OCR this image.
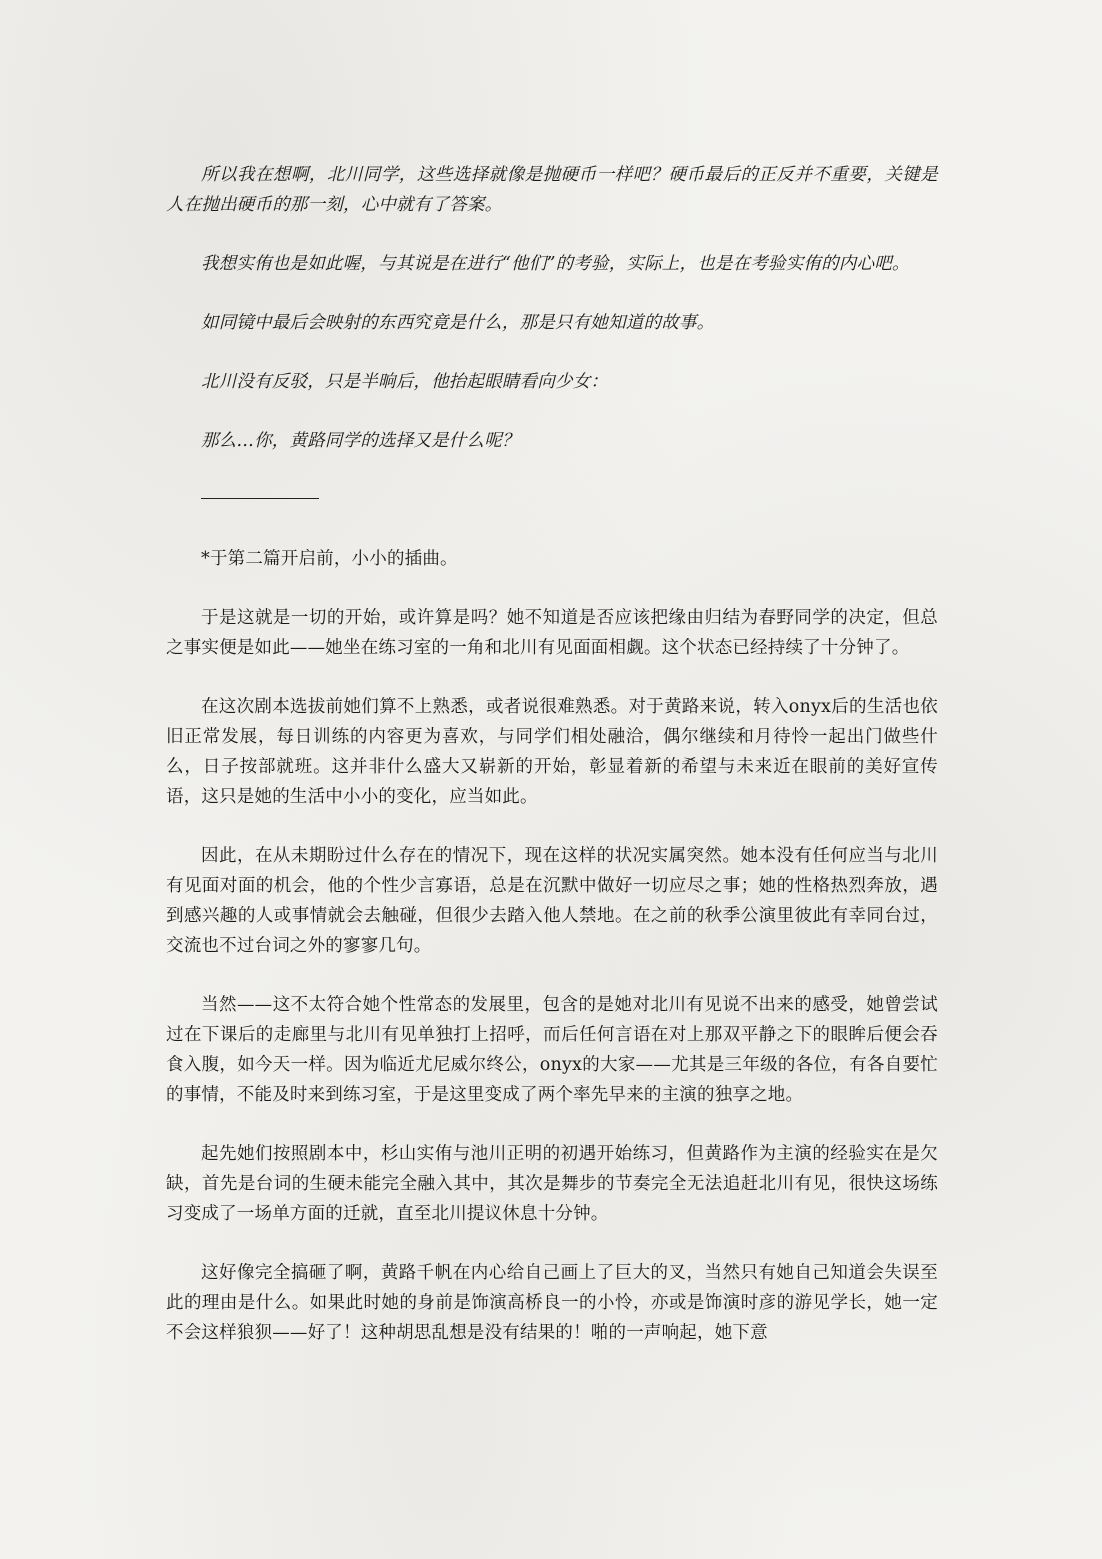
所以我在想啊，北川同学，这些选择就像是抛硬币一样吧？硬币最后的正反并不重要，关键是人在抛出硬币的那一刻，心中就有了答案。

我想实侑也是如此喔，与其说是在进行“他们”的考验，实际上，也是在考验实侑的内心吧。

如同镜中最后会映射的东西究竟是什么，那是只有她知道的故事。

北川没有反驳，只是半晌后，他抬起眼睛看向少女：

那么…你，黄路同学的选择又是什么呢？

*于第二篇开启前，小小的插曲。

于是这就是一切的开始，或许算是吗？她不知道是否应该把缘由归结为春野同学的决定，但总之事实便是如此——她坐在练习室的一角和北川有见面面相觑。这个状态已经持续了十分钟了。

在这次剧本选拔前她们算不上熟悉，或者说很难熟悉。对于黄路来说，转入onyx后的生活也依旧正常发展，每日训练的内容更为喜欢，与同学们相处融洽，偶尔继续和月待怜一起出门做些什么，日子按部就班。这并非什么盛大又崭新的开始，彰显着新的希望与未来近在眼前的美好宣传语，这只是她的生活中小小的变化，应当如此。

因此，在从未期盼过什么存在的情况下，现在这样的状况实属突然。她本没有任何应当与北川有见面对面的机会，他的个性少言寡语，总是在沉默中做好一切应尽之事；她的性格热烈奔放，遇到感兴趣的人或事情就会去触碰，但很少去踏入他人禁地。在之前的秋季公演里彼此有幸同台过，交流也不过台词之外的寥寥几句。

当然——这不太符合她个性常态的发展里，包含的是她对北川有见说不出来的感受，她曾尝试过在下课后的走廊里与北川有见单独打上招呼，而后任何言语在对上那双平静之下的眼眸后便会吞食入腹，如今天一样。因为临近尤尼威尔终公，onyx的大家——尤其是三年级的各位，有各自要忙的事情，不能及时来到练习室，于是这里变成了两个率先早来的主演的独享之地。

起先她们按照剧本中，杉山实侑与池川正明的初遇开始练习，但黄路作为主演的经验实在是欠缺，首先是台词的生硬未能完全融入其中，其次是舞步的节奏完全无法追赶北川有见，很快这场练习变成了一场单方面的迁就，直至北川提议休息十分钟。

这好像完全搞砸了啊，黄路千帆在内心给自己画上了巨大的叉，当然只有她自己知道会失误至此的理由是什么。如果此时她的身前是饰演高桥良一的小怜，亦或是饰演时彦的游见学长，她一定不会这样狼狈——好了！这种胡思乱想是没有结果的！啪的一声响起，她下意
